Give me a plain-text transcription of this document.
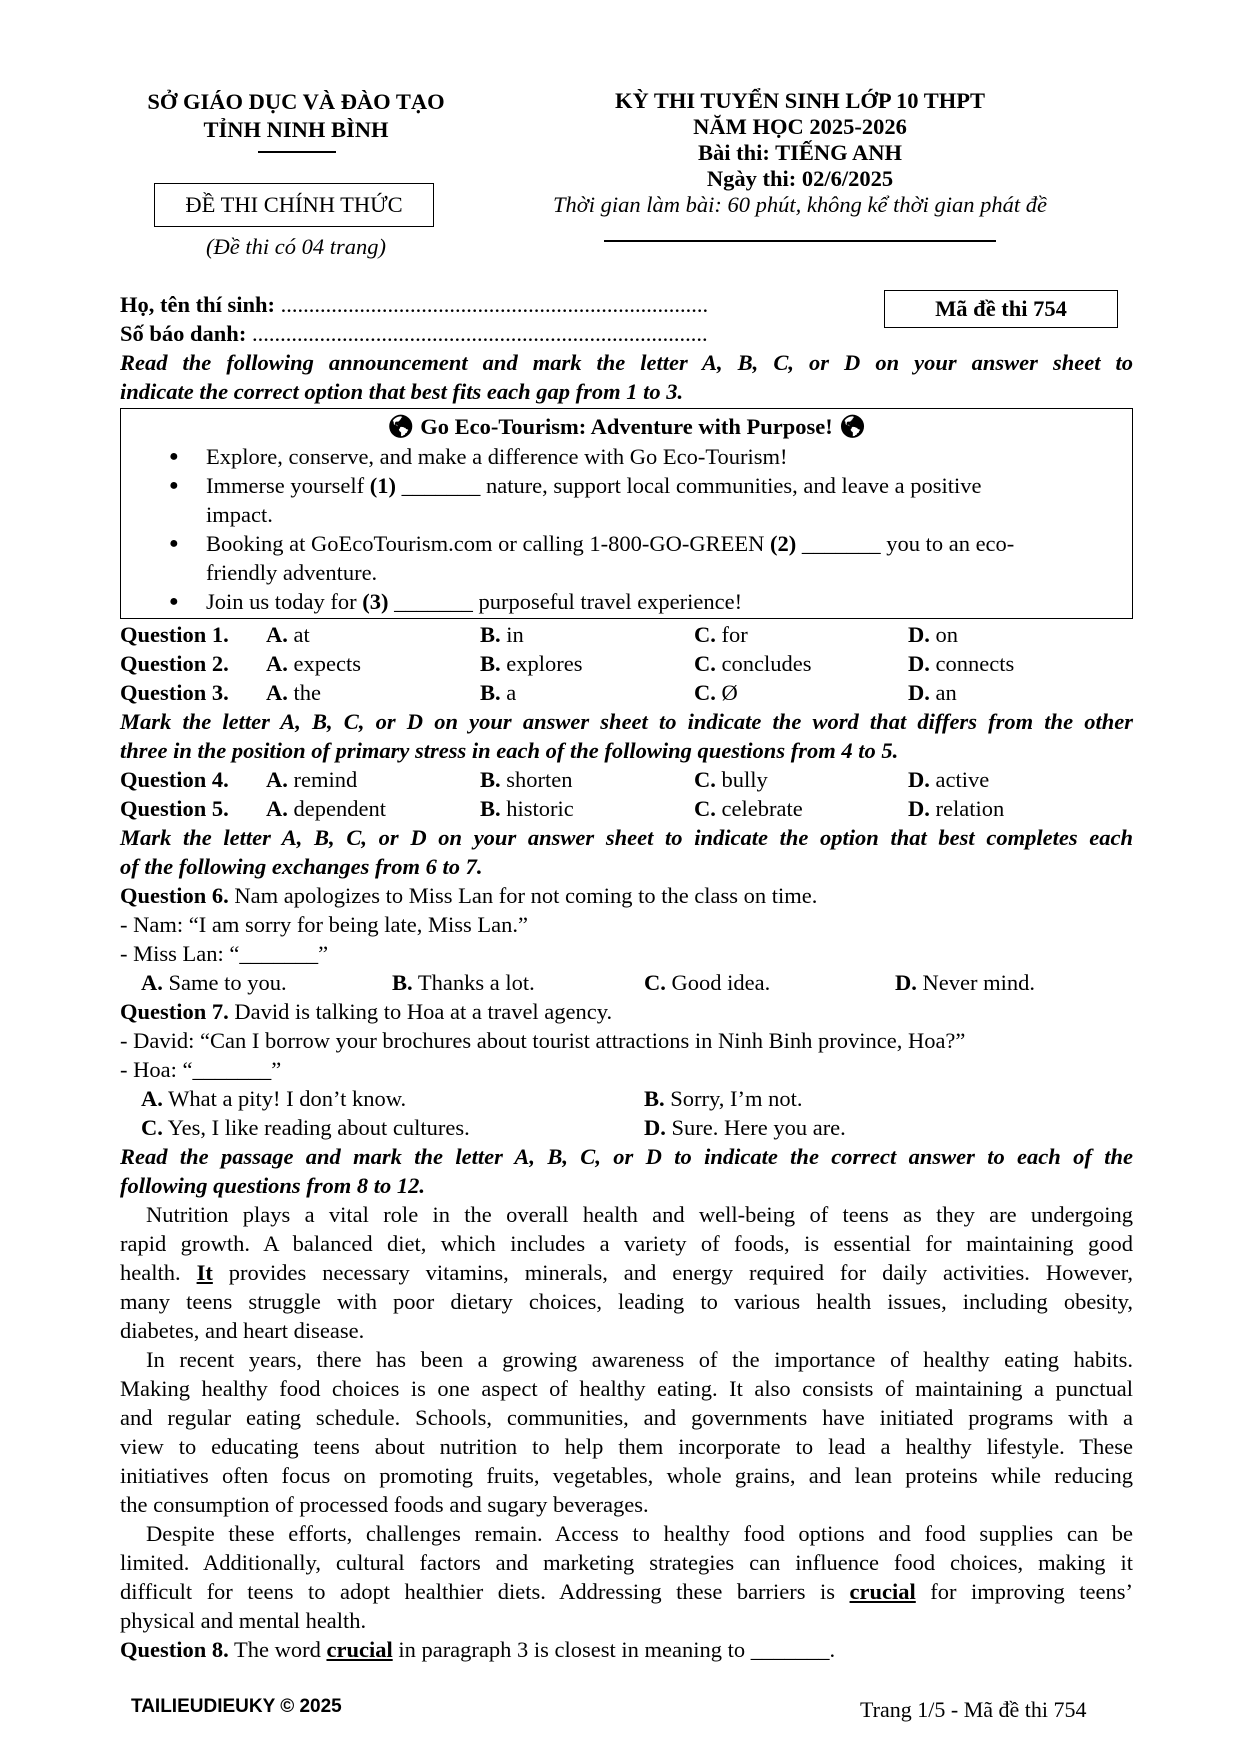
SỞ GIÁO DỤC VÀ ĐÀO TẠO
TỈNH NINH BÌNH
ĐỀ THI CHÍNH THỨC
(Đề thi có 04 trang)
KỲ THI TUYỂN SINH LỚP 10 THPT
NĂM HỌC 2025-2026
Bài thi: TIẾNG ANH
Ngày thi: 02/6/2025
Thời gian làm bài: 60 phút, không kể thời gian phát đề
Họ, tên thí sinh: ............................................................................	Mã đề thi 754
Số báo danh: .................................................................................
Read the following announcement and mark the letter A, B, C, or D on your answer sheet to
indicate the correct option that best fits each gap from 1 to 3.
🌎︎ Go Eco-Tourism: Adventure with Purpose! 🌎︎
● Explore, conserve, and make a difference with Go Eco-Tourism!
● Immerse yourself (1) _______ nature, support local communities, and leave a positive
impact.
● Booking at GoEcoTourism.com or calling 1-800-GO-GREEN (2) _______ you to an eco-
friendly adventure.
● Join us today for (3) _______ purposeful travel experience!
Question 1. A. at	B. in	C. for	D. on
Question 2. A. expects	B. explores	C. concludes	D. connects
Question 3. A. the	B. a	C. Ø	D. an
Mark the letter A, B, C, or D on your answer sheet to indicate the word that differs from the other
three in the position of primary stress in each of the following questions from 4 to 5.
Question 4. A. remind	B. shorten	C. bully	D. active
Question 5. A. dependent	B. historic	C. celebrate	D. relation
Mark the letter A, B, C, or D on your answer sheet to indicate the option that best completes each
of the following exchanges from 6 to 7.
Question 6. Nam apologizes to Miss Lan for not coming to the class on time.
- Nam: “I am sorry for being late, Miss Lan.”
- Miss Lan: “_______”
A. Same to you.	B. Thanks a lot.	C. Good idea.	D. Never mind.
Question 7. David is talking to Hoa at a travel agency.
- David: “Can I borrow your brochures about tourist attractions in Ninh Binh province, Hoa?”
- Hoa: “_______”
A. What a pity! I don’t know.	B. Sorry, I’m not.
C. Yes, I like reading about cultures.	D. Sure. Here you are.
Read the passage and mark the letter A, B, C, or D to indicate the correct answer to each of the
following questions from 8 to 12.
Nutrition plays a vital role in the overall health and well-being of teens as they are undergoing
rapid growth. A balanced diet, which includes a variety of foods, is essential for maintaining good
health. It provides necessary vitamins, minerals, and energy required for daily activities. However,
many teens struggle with poor dietary choices, leading to various health issues, including obesity,
diabetes, and heart disease.
In recent years, there has been a growing awareness of the importance of healthy eating habits.
Making healthy food choices is one aspect of healthy eating. It also consists of maintaining a punctual
and regular eating schedule. Schools, communities, and governments have initiated programs with a
view to educating teens about nutrition to help them incorporate to lead a healthy lifestyle. These
initiatives often focus on promoting fruits, vegetables, whole grains, and lean proteins while reducing
the consumption of processed foods and sugary beverages.
Despite these efforts, challenges remain. Access to healthy food options and food supplies can be
limited. Additionally, cultural factors and marketing strategies can influence food choices, making it
difficult for teens to adopt healthier diets. Addressing these barriers is crucial for improving teens’
physical and mental health.
Question 8. The word crucial in paragraph 3 is closest in meaning to _______.
TAILIEUDIEUKY © 2025	Trang 1/5 - Mã đề thi 754
